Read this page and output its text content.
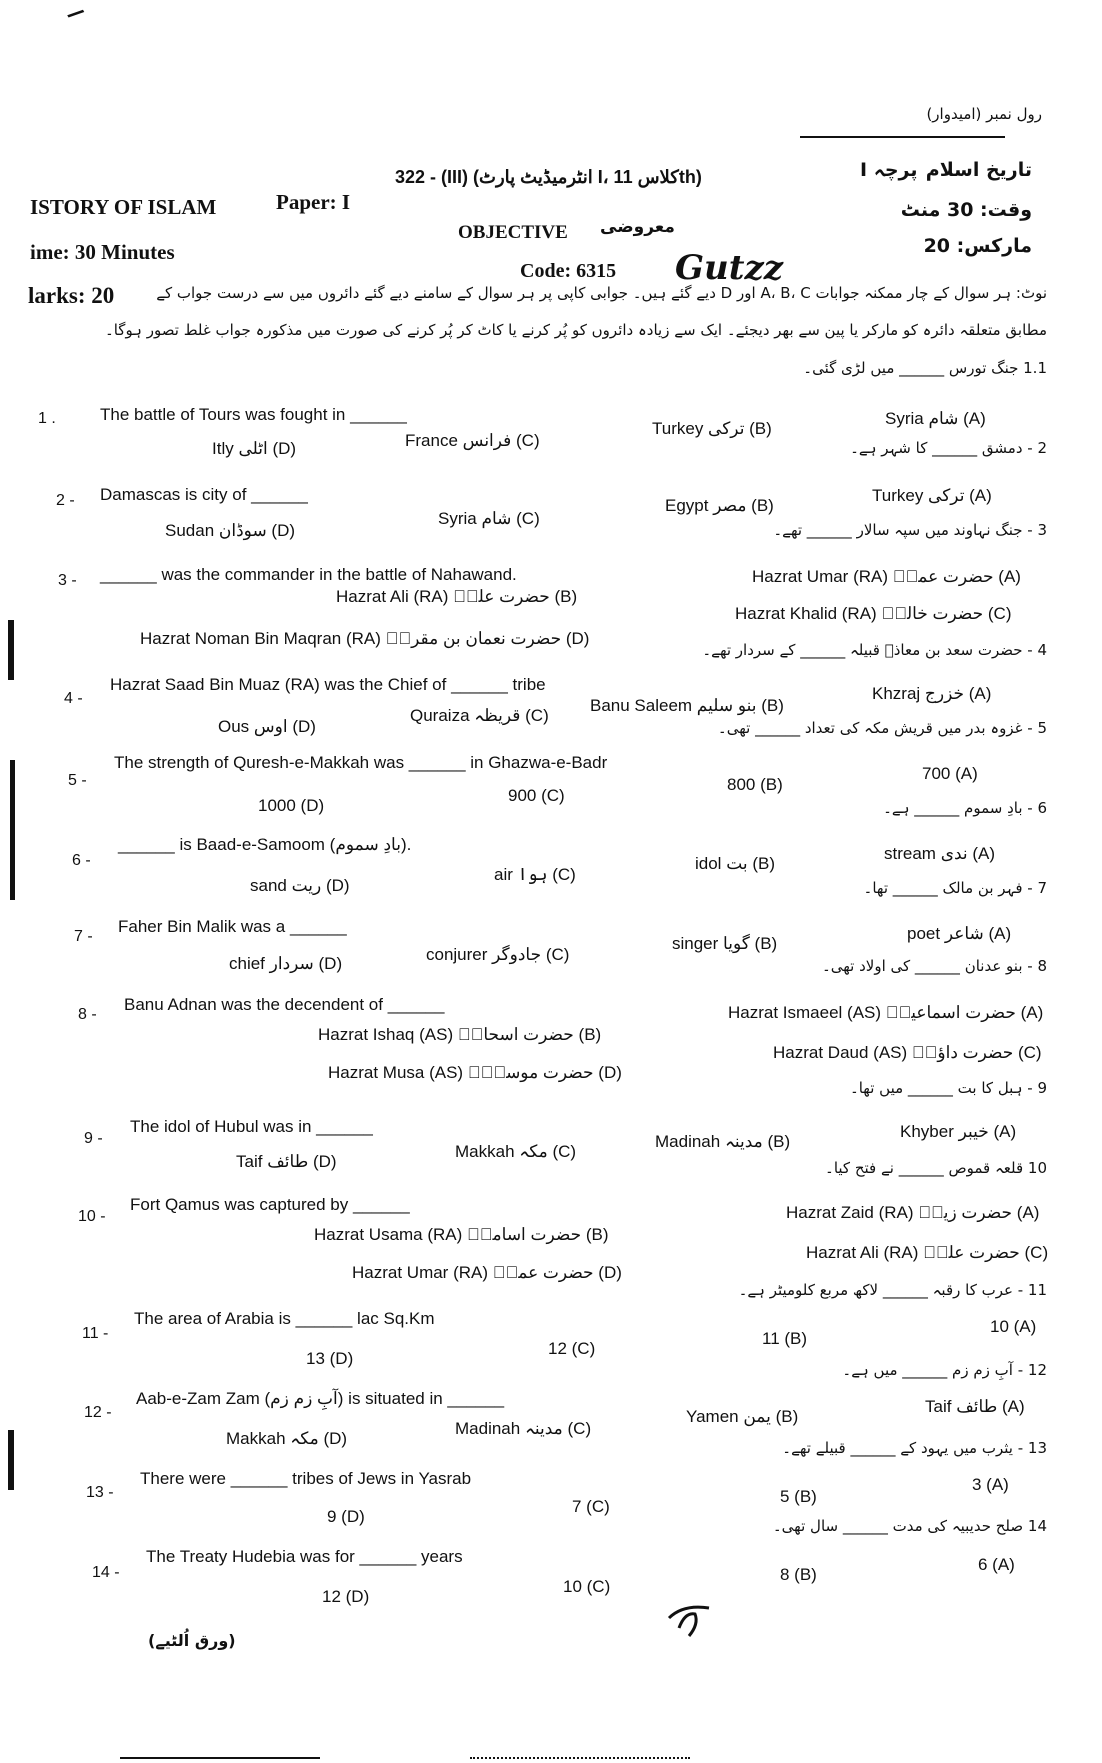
/
رول نمبر (امیدوار)
تاریخ اسلام
پرچہ I
322 - (III) (انٹرمیڈیٹ پارٹ I، کلاس 11th)
ISTORY OF ISLAM	Paper: I	وقت: 30 منٹ
OBJECTIVE معروضی
ime: 30 Minutes	مارکس: 20
Code: 6315 Gutzz
larks: 20	نوٹ: ہر سوال کے چار ممکنہ جوابات A، B، C اور D دیے گئے ہیں۔ جوابی کاپی پر ہر سوال کے سامنے دیے گئے دائروں میں سے درست جواب کے
مطابق متعلقہ دائرہ کو مارکر یا پین سے بھر دیجئے۔ ایک سے زیادہ دائروں کو پُر کرنے یا کاٹ کر پُر کرنے کی صورت میں مذکورہ جواب غلط تصور ہوگا۔
1.1 جنگ تورس ______ میں لڑی گئی۔
1 .	The battle of Tours was fought in ______	Syria شام (A)
Turkey ترکی (B)
France فرانس (C)
Itly اٹلی (D)	2 - دمشق ______ کا شہر ہے۔
2 - Damascas is city of ______	Turkey ترکی (A)
Egypt مصر (B)
Syria شام (C)
Sudan سوڈان (D)	3 - جنگ نہاوند میں سپہ سالار ______ تھے۔
3 - ______ was the commander in the battle of Nahawand.	Hazrat Umar (RA) حضرت عمرؓ (A)
Hazrat Ali (RA) حضرت علیؓ (B)
Hazrat Khalid (RA) حضرت خالدؓ (C)
Hazrat Noman Bin Maqran (RA) حضرت نعمان بن مقرنؓ (D)
4 - حضرت سعد بن معاذؓ قبیلہ ______ کے سردار تھے۔
4 -
Hazrat Saad Bin Muaz (RA) was the Chief of ______ tribe	Khzraj خزرج (A)
Banu Saleem بنو سلیم (B)
Quraiza قریظہ (C)
Ous اوس (D)	5 - غزوہ بدر میں قریش مکہ کی تعداد ______ تھی۔
5 -
The strength of Quresh-e-Makkah was ______ in Ghazwa-e-Badr
700 (A)
800 (B)
900 (C)
1000 (D)	6 - بادِ سموم ______ ہے۔
6 -
______ is Baad-e-Samoom (بادِ سموم).	stream ندی (A)
idol بت (B)
air ہوا (C)
sand ریت (D)	7 - فہر بن مالک ______ تھا۔
7 -
Faher Bin Malik was a ______	poet شاعر (A)
singer گویا (B)
conjurer جادوگر (C)
chief سردار (D)	8 - بنو عدنان ______ کی اولاد تھی۔
8 -
Banu Adnan was the decendent of ______	Hazrat Ismaeel (AS) حضرت اسماعیلؑ (A)
Hazrat Ishaq (AS) حضرت اسحاقؑ (B)
Hazrat Daud (AS) حضرت داؤدؑ (C)
Hazrat Musa (AS) حضرت موسیٰؑ (D)
9 - ہبل کا بت ______ میں تھا۔
9 -
The idol of Hubul was in ______	Khyber خیبر (A)
Madinah مدینہ (B)
Makkah مکہ (C)
Taif طائف (D)	10 قلعہ قموص ______ نے فتح کیا۔
10 -
Fort Qamus was captured by ______	Hazrat Zaid (RA) حضرت زیدؓ (A)
Hazrat Usama (RA) حضرت اسامہؓ (B)
Hazrat Ali (RA) حضرت علیؓ (C)
Hazrat Umar (RA) حضرت عمرؓ (D)
11 - عرب کا رقبہ ______ لاکھ مربع کلومیٹر ہے۔
11 -
The area of Arabia is ______ lac Sq.Km	10 (A)
11 (B)
12 (C)
13 (D)
12 - آبِ زم زم ______ میں ہے۔
12 -
Aab-e-Zam Zam (آبِ زم زم) is situated in ______	Taif طائف (A)
Yamen یمن (B)
Madinah مدینہ (C)
Makkah مکہ (D)	13 - یثرب میں یہود کے ______ قبیلے تھے۔
13 -
There were ______ tribes of Jews in Yasrab	3 (A)
5 (B)
7 (C)
9 (D)	14 صلح حدیبیہ کی مدت ______ سال تھی۔
14 -
The Treaty Hudebia was for ______ years	6 (A)
8 (B)
10 (C)
12 (D)
(ورق اُلٹیے)
